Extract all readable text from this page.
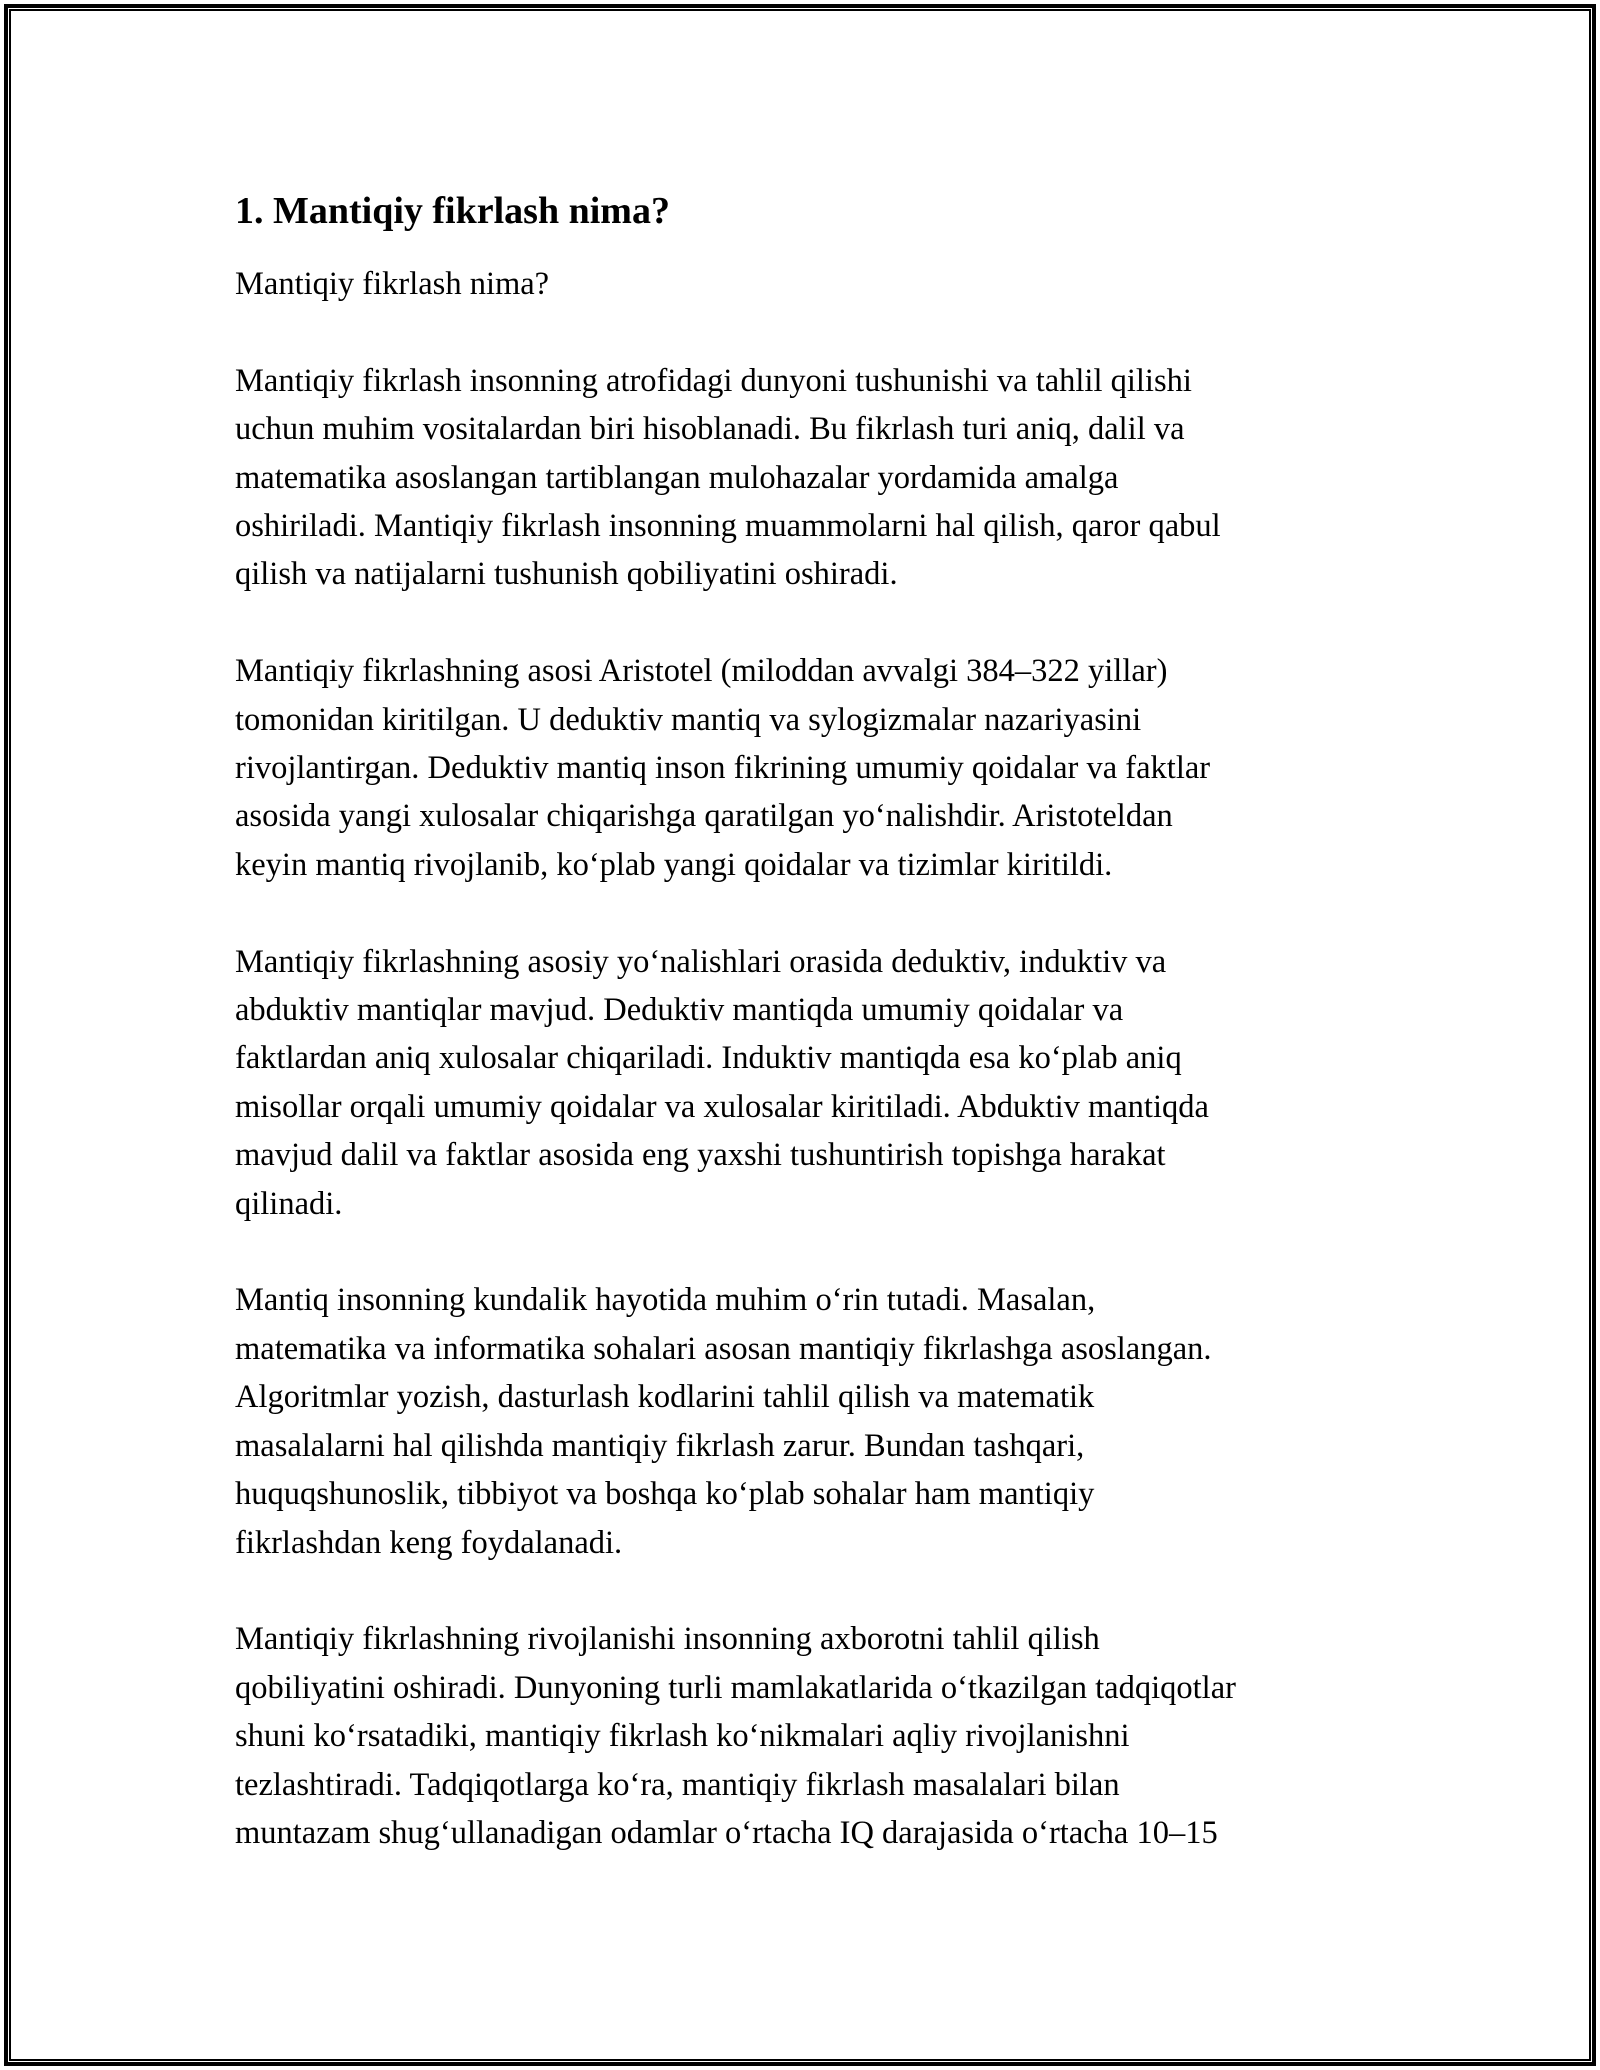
1. Mantiqiy fikrlash nima?

Mantiqiy fikrlash nima?

Mantiqiy fikrlash insonning atrofidagi dunyoni tushunishi va tahlil qilishi
uchun muhim vositalardan biri hisoblanadi. Bu fikrlash turi aniq, dalil va
matematika asoslangan tartiblangan mulohazalar yordamida amalga
oshiriladi. Mantiqiy fikrlash insonning muammolarni hal qilish, qaror qabul
qilish va natijalarni tushunish qobiliyatini oshiradi.

Mantiqiy fikrlashning asosi Aristotel (miloddan avvalgi 384–322 yillar)
tomonidan kiritilgan. U deduktiv mantiq va sylogizmalar nazariyasini
rivojlantirgan. Deduktiv mantiq inson fikrining umumiy qoidalar va faktlar
asosida yangi xulosalar chiqarishga qaratilgan yoʻnalishdir. Aristoteldan
keyin mantiq rivojlanib, koʻplab yangi qoidalar va tizimlar kiritildi.

Mantiqiy fikrlashning asosiy yoʻnalishlari orasida deduktiv, induktiv va
abduktiv mantiqlar mavjud. Deduktiv mantiqda umumiy qoidalar va
faktlardan aniq xulosalar chiqariladi. Induktiv mantiqda esa koʻplab aniq
misollar orqali umumiy qoidalar va xulosalar kiritiladi. Abduktiv mantiqda
mavjud dalil va faktlar asosida eng yaxshi tushuntirish topishga harakat
qilinadi.

Mantiq insonning kundalik hayotida muhim oʻrin tutadi. Masalan,
matematika va informatika sohalari asosan mantiqiy fikrlashga asoslangan.
Algoritmlar yozish, dasturlash kodlarini tahlil qilish va matematik
masalalarni hal qilishda mantiqiy fikrlash zarur. Bundan tashqari,
huquqshunoslik, tibbiyot va boshqa koʻplab sohalar ham mantiqiy
fikrlashdan keng foydalanadi.

Mantiqiy fikrlashning rivojlanishi insonning axborotni tahlil qilish
qobiliyatini oshiradi. Dunyoning turli mamlakatlarida oʻtkazilgan tadqiqotlar
shuni koʻrsatadiki, mantiqiy fikrlash koʻnikmalari aqliy rivojlanishni
tezlashtiradi. Tadqiqotlarga koʻra, mantiqiy fikrlash masalalari bilan
muntazam shugʻullanadigan odamlar oʻrtacha IQ darajasida oʻrtacha 10–15
